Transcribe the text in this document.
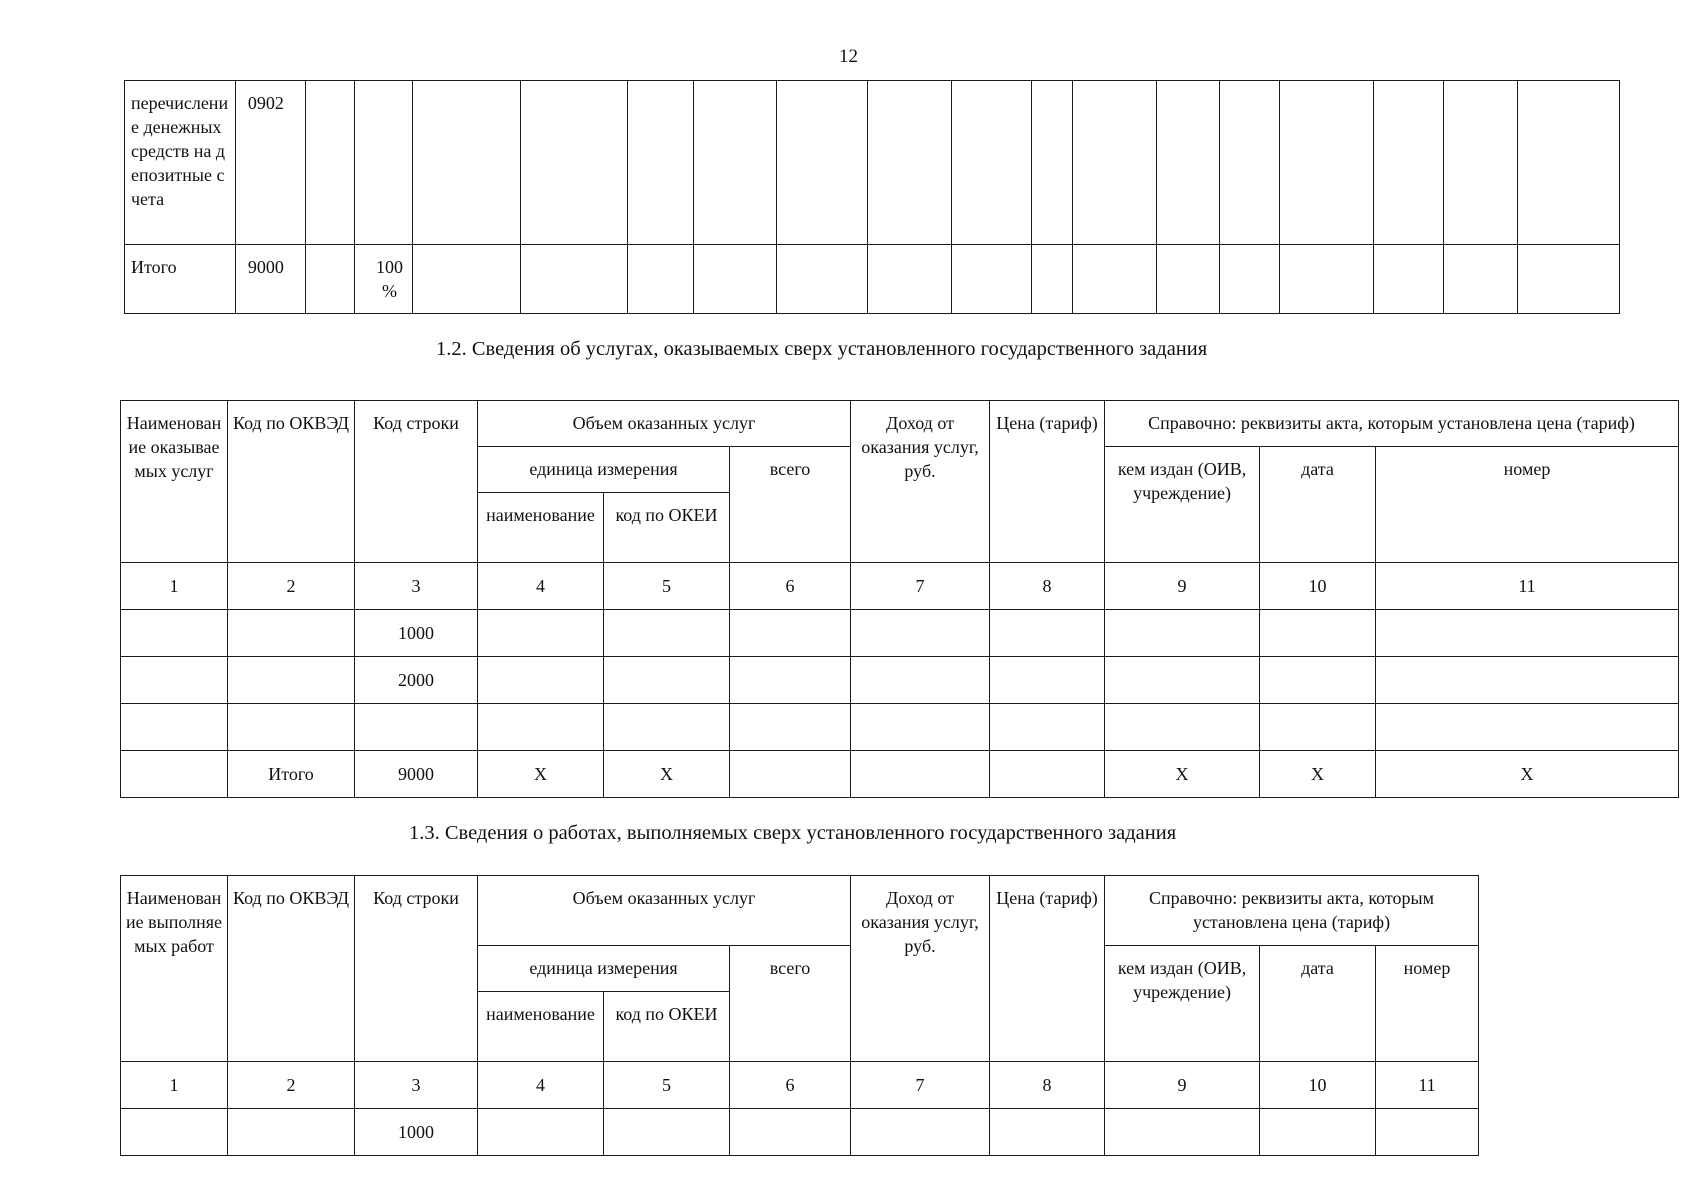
12
перечисление денежных средств на депозитные счета	0902																	
Итого	9000		100 %															
1.2. Сведения об услугах, оказываемых сверх установленного государственного задания
Наименование оказываемых услуг	Код по ОКВЭД	Код строки	Объем оказанных услуг			Доход от оказания услуг, руб.	Цена (тариф)	Справочно: реквизиты акта, которым установлена цена (тариф)		
			единица измерения		всего			кем издан (ОИВ, учреждение)	дата	номер
			наименование	код по ОКЕИ						
1	2	3	4	5	6	7	8	9	10	11
		1000								
		2000								

	Итого	9000	X	X				X	X	X
1.3. Сведения о работах, выполняемых сверх установленного государственного задания
Наименование выполняемых работ	Код по ОКВЭД	Код строки	Объем оказанных услуг			Доход от оказания услуг, руб.	Цена (тариф)	Справочно: реквизиты акта, которым установлена цена (тариф)		
			единица измерения		всего			кем издан (ОИВ, учреждение)	дата	номер
			наименование	код по ОКЕИ						
1	2	3	4	5	6	7	8	9	10	11
		1000								
